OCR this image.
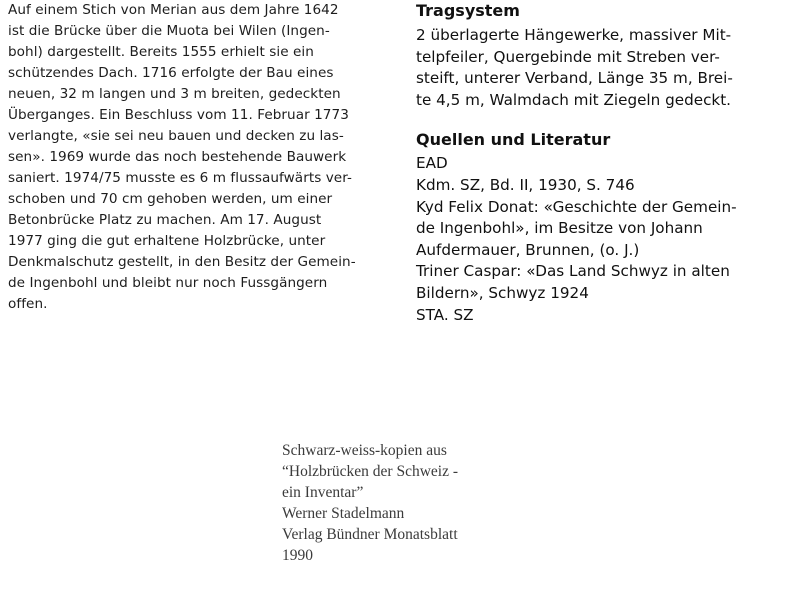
Auf einem Stich von Merian aus dem Jahre 1642
ist die Brücke über die Muota bei Wilen (Ingen-
bohl) dargestellt. Bereits 1555 erhielt sie ein
schützendes Dach. 1716 erfolgte der Bau eines
neuen, 32 m langen und 3 m breiten, gedeckten
Überganges. Ein Beschluss vom 11. Februar 1773
verlangte, «sie sei neu bauen und decken zu las-
sen». 1969 wurde das noch bestehende Bauwerk
saniert. 1974/75 musste es 6 m flussaufwärts ver-
schoben und 70 cm gehoben werden, um einer
Betonbrücke Platz zu machen. Am 17. August
1977 ging die gut erhaltene Holzbrücke, unter
Denkmalschutz gestellt, in den Besitz der Gemein-
de Ingenbohl und bleibt nur noch Fussgängern
offen.
Tragsystem
2 überlagerte Hängewerke, massiver Mit-
telpfeiler, Quergebinde mit Streben ver-
steift, unterer Verband, Länge 35 m, Brei-
te 4,5 m, Walmdach mit Ziegeln gedeckt.
Quellen und Literatur
EAD
Kdm. SZ, Bd. II, 1930, S. 746
Kyd Felix Donat: «Geschichte der Gemein-
de Ingenbohl», im Besitze von Johann
Aufdermauer, Brunnen, (o. J.)
Triner Caspar: «Das Land Schwyz in alten
Bildern», Schwyz 1924
STA. SZ
Schwarz-weiss-kopien aus
“Holzbrücken der Schweiz -
ein Inventar”
Werner Stadelmann
Verlag Bündner Monatsblatt
1990
